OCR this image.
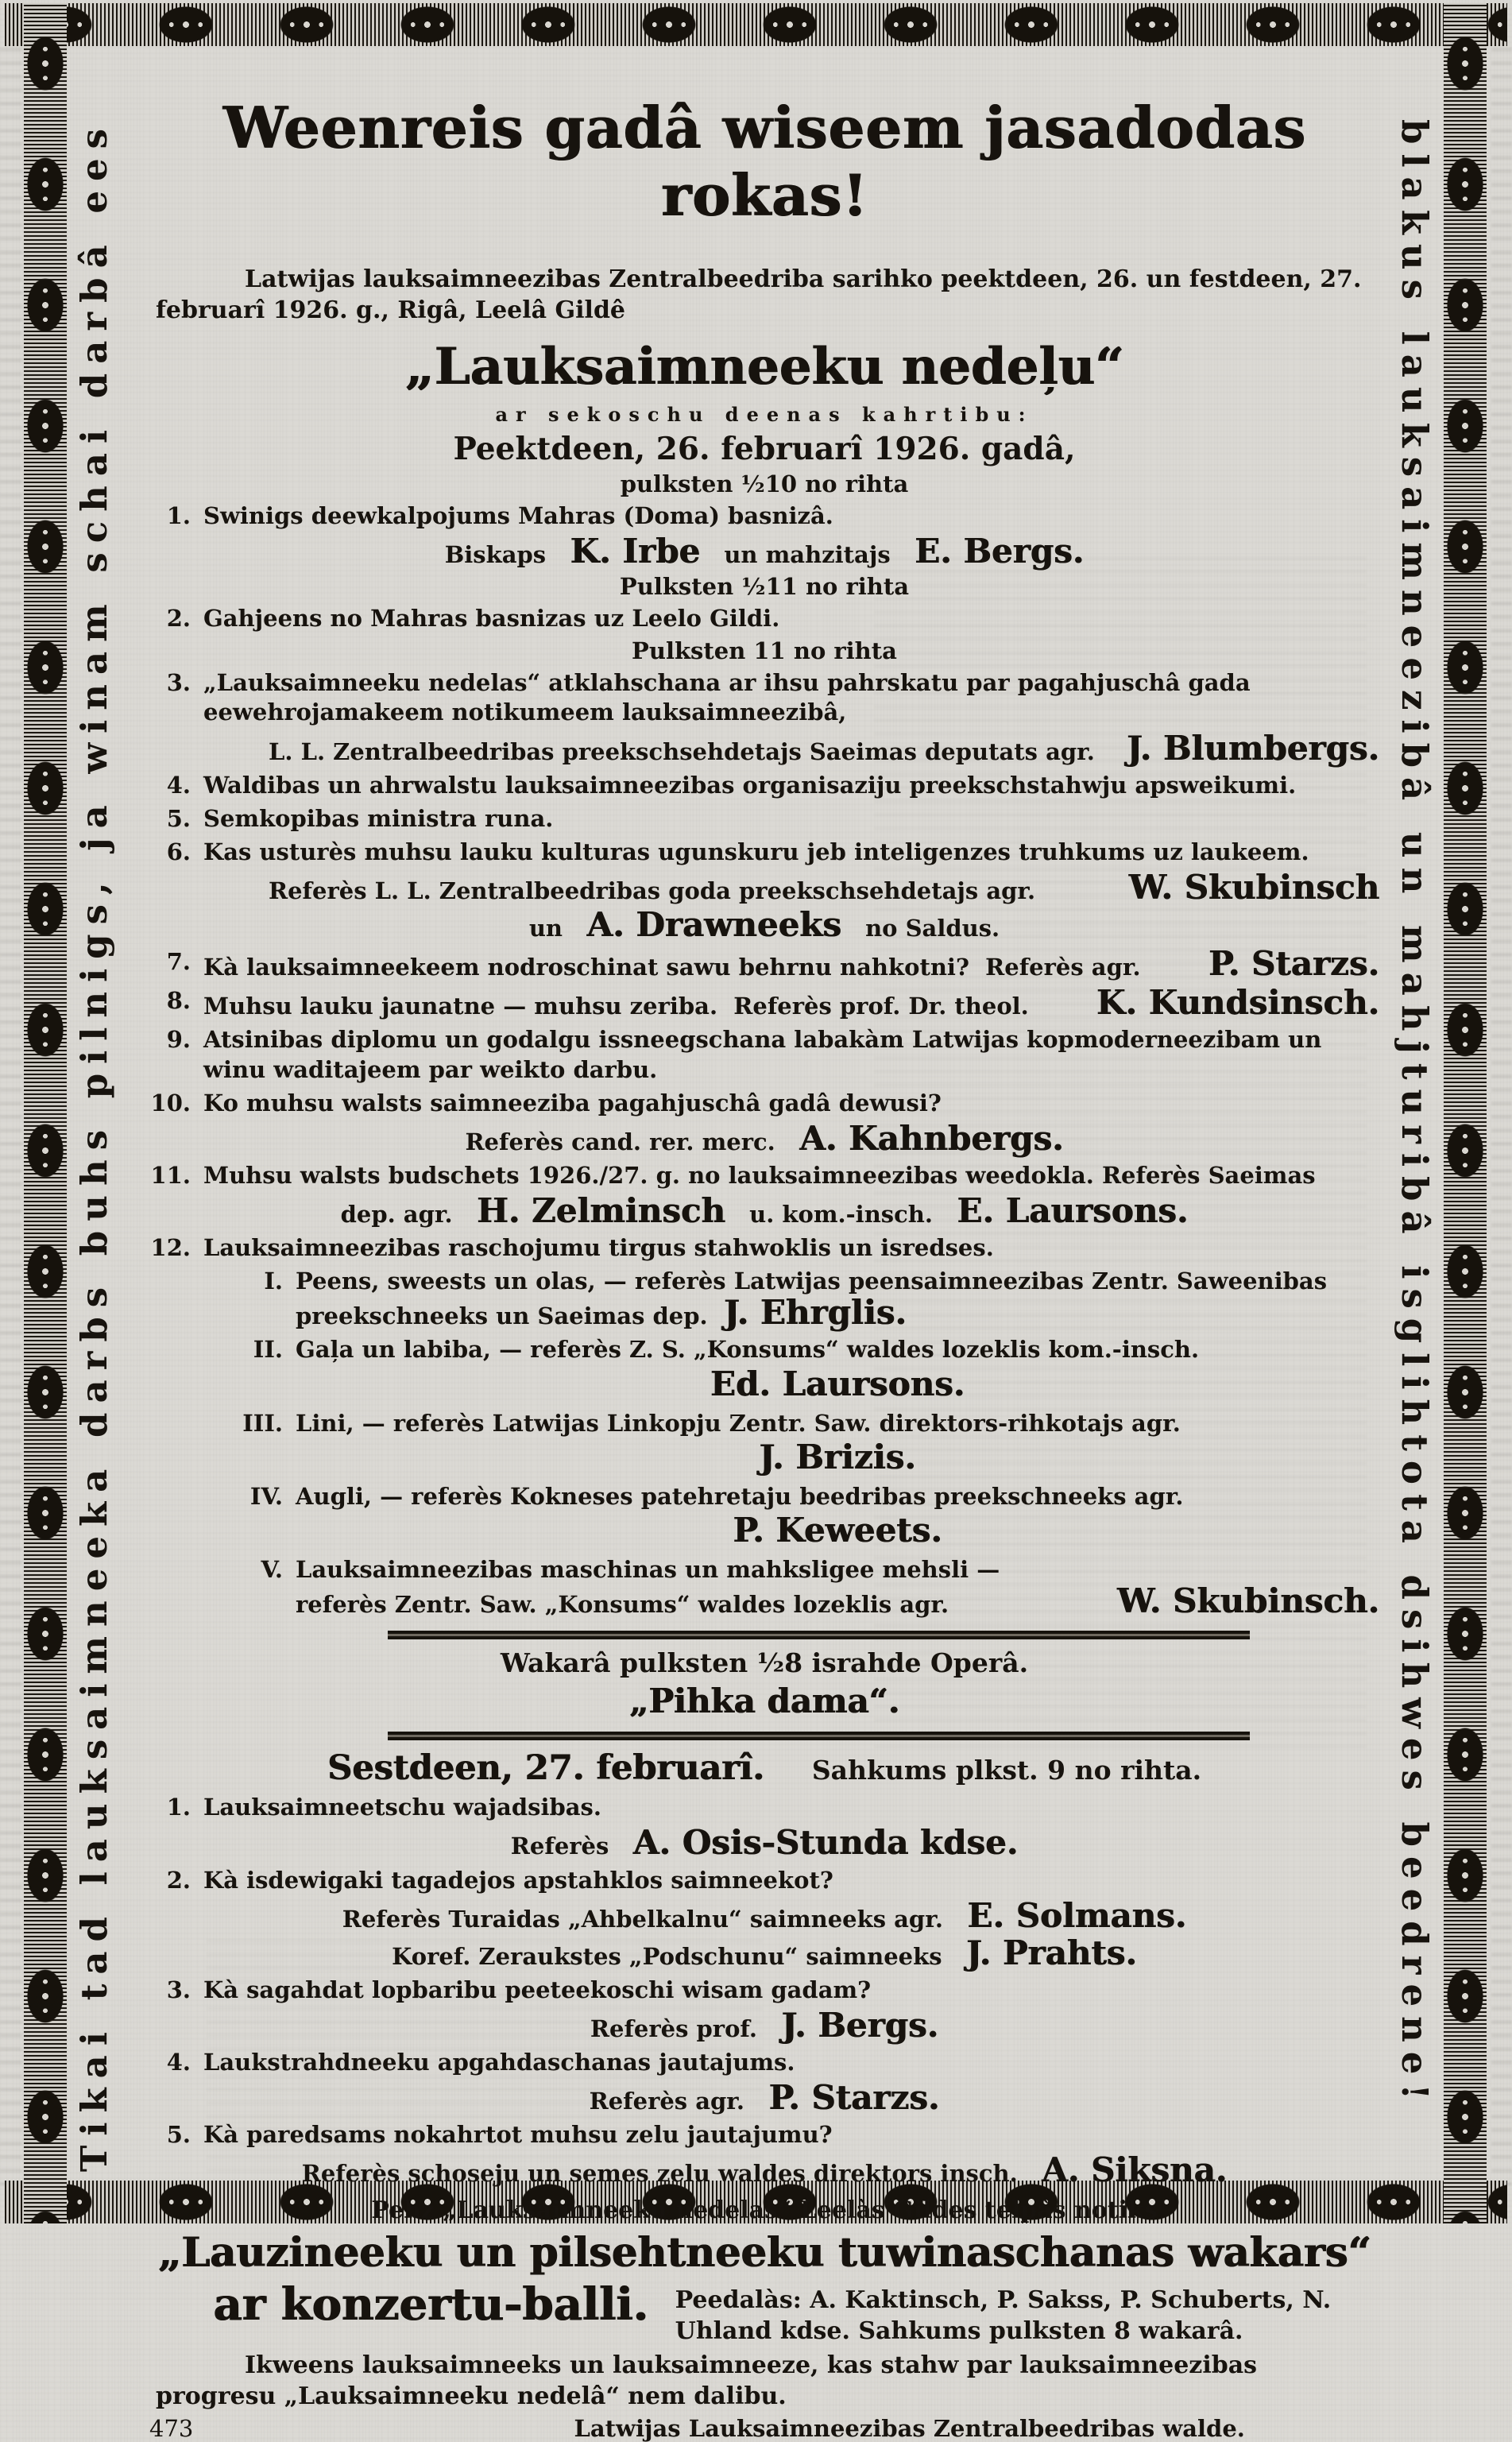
Tikai tad lauksaimneeka darbs buhs pilnigs, ja winam schai darbâ ees	blakus lauksaimneezibâ un mahjturibâ isglihtota dsihwes beedrene!
Weenreis gadâ wiseem jasadodas rokas!
Latwijas lauksaimneezibas Zentralbeedriba sarihko peektdeen, 26. un festdeen, 27. februarî 1926. g., Rigâ, Leelâ Gildê
„Lauksaimneeku nedeļu“
ar sekoschu deenas kahrtibu:
Peektdeen, 26. februarî 1926. gadâ,
pulksten ½10 no rihta
1. Swinigs deewkalpojums Mahras (Doma) basnizâ.
Biskaps K. Irbe un mahzitajs E. Bergs.
Pulksten ½11 no rihta
2. Gahjeens no Mahras basnizas uz Leelo Gildi.
Pulksten 11 no rihta
3. „Lauksaimneeku nedelas“ atklahschana ar ihsu pahrskatu par pagahjuschâ gada eewehrojamakeem notikumeem lauksaimneezibâ,
L. L. Zentralbeedribas preekschsehdetajs Saeimas deputats agr. J. Blumbergs.
4. Waldibas un ahrwalstu lauksaimneezibas organisaziju preekschstahwju apsweikumi.
5. Semkopibas ministra runa.
6. Kas usturès muhsu lauku kulturas ugunskuru jeb inteligenzes truhkums uz laukeem.
Referès L. L. Zentralbeedribas goda preekschsehdetajs agr.	W. Skubinsch
un A. Drawneeks no Saldus.
7. Kà lauksaimneekeem nodroschinat sawu behrnu nahkotni? Referès agr. P. Starzs.
8. Muhsu lauku jaunatne — muhsu zeriba. Referès prof. Dr. theol. K. Kundsinsch.
9. Atsinibas diplomu un godalgu issneegschana labakàm Latwijas kopmoderneezibam un winu waditajeem par weikto darbu.
10. Ko muhsu walsts saimneeziba pagahjuschâ gadâ dewusi?
Referès cand. rer. merc. A. Kahnbergs.
11. Muhsu walsts budschets 1926./27. g. no lauksaimneezibas weedokla. Referès Saeimas
dep. agr. H. Zelminsch u. kom.-insch. E. Laursons.
12. Lauksaimneezibas raschojumu tirgus stahwoklis un isredses.
I. Peens, sweests un olas, — referès Latwijas peensaimneezibas Zentr. Saweenibas preekschneeks un Saeimas dep. J. Ehrglis.
II. Gaļa un labiba, — referès Z. S. „Konsums“ waldes lozeklis kom.-insch.
Ed. Laursons.
III. Lini, — referès Latwijas Linkopju Zentr. Saw. direktors-rihkotajs agr.
J. Brizis.
IV. Augli, — referès Kokneses patehretaju beedribas preekschneeks agr.
P. Keweets.
V. Lauksaimneezibas maschinas un mahksligee mehsli —
referès Zentr. Saw. „Konsums“ waldes lozeklis agr.	W. Skubinsch.
Wakarâ pulksten ½8 israhde Operâ.
„Pihka dama“.
Sestdeen, 27. februarî. Sahkums plkst. 9 no rihta.
1. Lauksaimneetschu wajadsibas.
Referès A. Osis-Stunda kdse.
2. Kà isdewigaki tagadejos apstahklos saimneekot?
Referès Turaidas „Ahbelkalnu“ saimneeks agr. E. Solmans.
Koref. Zeraukstes „Podschunu“ saimneeks J. Prahts.
3. Kà sagahdat lopbaribu peeteekoschi wisam gadam?
Referès prof. J. Bergs.
4. Laukstrahdneeku apgahdaschanas jautajums.
Referès agr. P. Starzs.
5. Kà paredsams nokahrtot muhsu zelu jautajumu?
Referès schoseju un semes zelu waldes direktors insch. A. Siksna.
Pehz „Lauksaimneeku nedelas“ Leelàs Gildes telpâs notiks
„Lauzineeku un pilsehtneeku tuwinaschanas wakars“
ar konzertu-balli. Peedalàs: A. Kaktinsch, P. Sakss, P. Schuberts, N. Uhland kdse. Sahkums pulksten 8 wakarâ.
Ikweens lauksaimneeks un lauksaimneeze, kas stahw par lauksaimneezibas progresu „Lauksaimneeku nedelâ“ nem dalibu.
473	Latwijas Lauksaimneezibas Zentralbeedribas walde.
